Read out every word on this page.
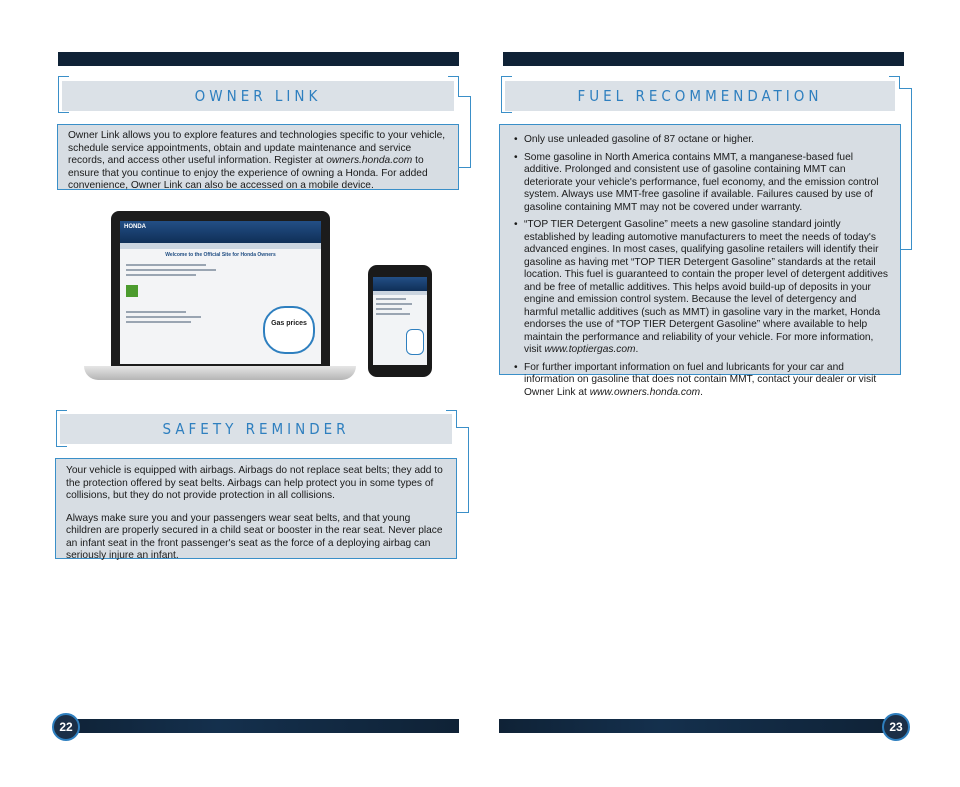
OWNER LINK

Owner Link allows you to explore features and technologies specific to your vehicle, schedule service appointments, obtain and update maintenance and service records, and access other useful information. Register at owners.honda.com to ensure that you continue to enjoy the experience of owning a Honda. For added convenience, Owner Link can also be accessed on a mobile device.

HONDA
Welcome to the Official Site for Honda Owners
Gas prices
SAFETY REMINDER

Your vehicle is equipped with airbags. Airbags do not replace seat belts; they add to the protection offered by seat belts. Airbags can help protect you in some types of collisions, but they do not provide protection in all collisions.

Always make sure you and your passengers wear seat belts, and that young children are properly secured in a child seat or booster in the rear seat. Never place an infant seat in the front passenger's seat as the force of a deploying airbag can seriously injure an infant.

FUEL RECOMMENDATION
• Only use unleaded gasoline of 87 octane or higher.
• Some gasoline in North America contains MMT, a manganese-based fuel additive. Prolonged and consistent use of gasoline containing MMT can deteriorate your vehicle's performance, fuel economy, and the emission control system. Always use MMT-free gasoline if available. Failures caused by use of gasoline containing MMT may not be covered under warranty.
• “TOP TIER Detergent Gasoline” meets a new gasoline standard jointly established by leading automotive manufacturers to meet the needs of today's advanced engines. In most cases, qualifying gasoline retailers will identify their gasoline as having met “TOP TIER Detergent Gasoline” standards at the retail location. This fuel is guaranteed to contain the proper level of detergent additives and be free of metallic additives. This helps avoid build-up of deposits in your engine and emission control system. Because the level of detergency and harmful metallic additives (such as MMT) in gasoline vary in the market, Honda endorses the use of “TOP TIER Detergent Gasoline” where available to help maintain the performance and reliability of your vehicle. For more information, visit www.toptiergas.com.
• For further important information on fuel and lubricants for your car and information on gasoline that does not contain MMT, contact your dealer or visit Owner Link at www.owners.honda.com.
22	23
